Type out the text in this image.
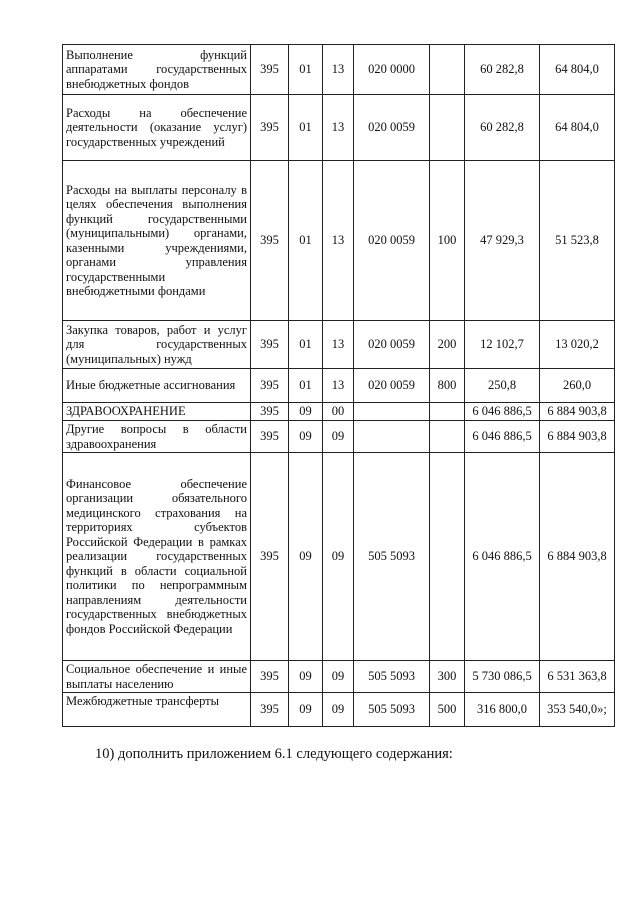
Выполнение функций аппаратами государственных внебюджетных фондов	395	01	13	020 0000		60 282,8	64 804,0
Расходы на обеспечение деятельности (оказание услуг) государственных учреждений	395	01	13	020 0059		60 282,8	64 804,0
Расходы на выплаты персоналу в целях обеспечения выполнения функций государственными (муниципальными) органами, казенными учреждениями, органами управления государственными внебюджетными фондами	395	01	13	020 0059	100	47 929,3	51 523,8
Закупка товаров, работ и услуг для государственных (муниципальных) нужд	395	01	13	020 0059	200	12 102,7	13 020,2
Иные бюджетные ассигнования	395	01	13	020 0059	800	250,8	260,0
ЗДРАВООХРАНЕНИЕ	395	09	00			6 046 886,5	6 884 903,8
Другие вопросы в области здравоохранения	395	09	09			6 046 886,5	6 884 903,8
Финансовое обеспечение организации обязательного медицинского страхования на территориях субъектов Российской Федерации в рамках реализации государственных функций в области социальной политики по непрограммным направлениям деятельности государственных внебюджетных фондов Российской Федерации	395	09	09	505 5093		6 046 886,5	6 884 903,8
Социальное обеспечение и иные выплаты населению	395	09	09	505 5093	300	5 730 086,5	6 531 363,8
Межбюджетные трансферты	395	09	09	505 5093	500	316 800,0	353 540,0»;
10) дополнить приложением 6.1 следующего содержания:
